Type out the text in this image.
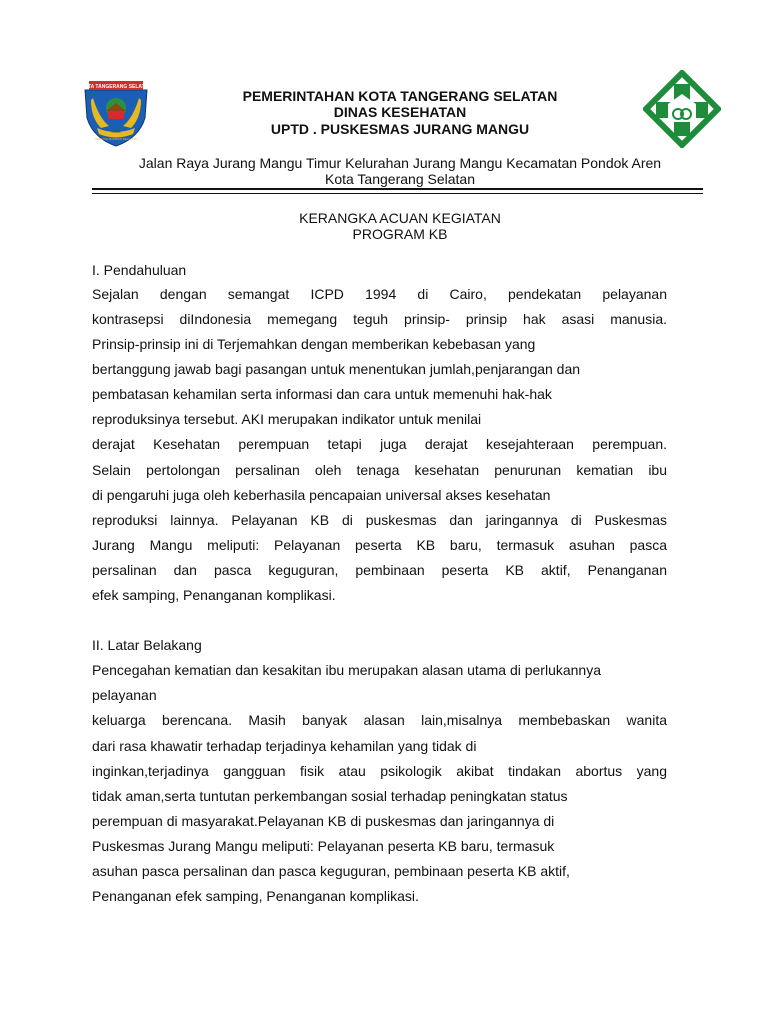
KOTA TANGERANG SELATAN
2008
CERDAS MODERN RELIGIUS
PEMERINTAHAN KOTA TANGERANG SELATAN
DINAS KESEHATAN
UPTD . PUSKESMAS JURANG MANGU
Jalan Raya Jurang Mangu Timur Kelurahan Jurang Mangu Kecamatan Pondok Aren
Kota Tangerang Selatan
KERANGKA ACUAN KEGIATAN
PROGRAM KB
I. Pendahuluan
Sejalan dengan semangat ICPD 1994 di Cairo, pendekatan pelayanan
kontrasepsi diIndonesia memegang teguh prinsip- prinsip hak asasi manusia.
Prinsip-prinsip ini di Terjemahkan dengan memberikan kebebasan yang
bertanggung jawab bagi pasangan untuk menentukan jumlah,penjarangan dan
pembatasan kehamilan serta informasi dan cara untuk memenuhi hak-hak
reproduksinya tersebut. AKI merupakan indikator untuk menilai
derajat Kesehatan perempuan tetapi juga derajat kesejahteraan perempuan.
Selain pertolongan persalinan oleh tenaga kesehatan penurunan kematian ibu
di pengaruhi juga oleh keberhasila pencapaian universal akses kesehatan
reproduksi lainnya. Pelayanan KB di puskesmas dan jaringannya di Puskesmas
Jurang Mangu meliputi: Pelayanan peserta KB baru, termasuk asuhan pasca
persalinan dan pasca keguguran, pembinaan peserta KB aktif, Penanganan
efek samping, Penanganan komplikasi.
II. Latar Belakang
Pencegahan kematian dan kesakitan ibu merupakan alasan utama di perlukannya
pelayanan
keluarga berencana. Masih banyak alasan lain,misalnya membebaskan wanita
dari rasa khawatir terhadap terjadinya kehamilan yang tidak di
inginkan,terjadinya gangguan fisik atau psikologik akibat tindakan abortus yang
tidak aman,serta tuntutan perkembangan sosial terhadap peningkatan status
perempuan di masyarakat.Pelayanan KB di puskesmas dan jaringannya di
Puskesmas Jurang Mangu meliputi: Pelayanan peserta KB baru, termasuk
asuhan pasca persalinan dan pasca keguguran, pembinaan peserta KB aktif,
Penanganan efek samping, Penanganan komplikasi.
